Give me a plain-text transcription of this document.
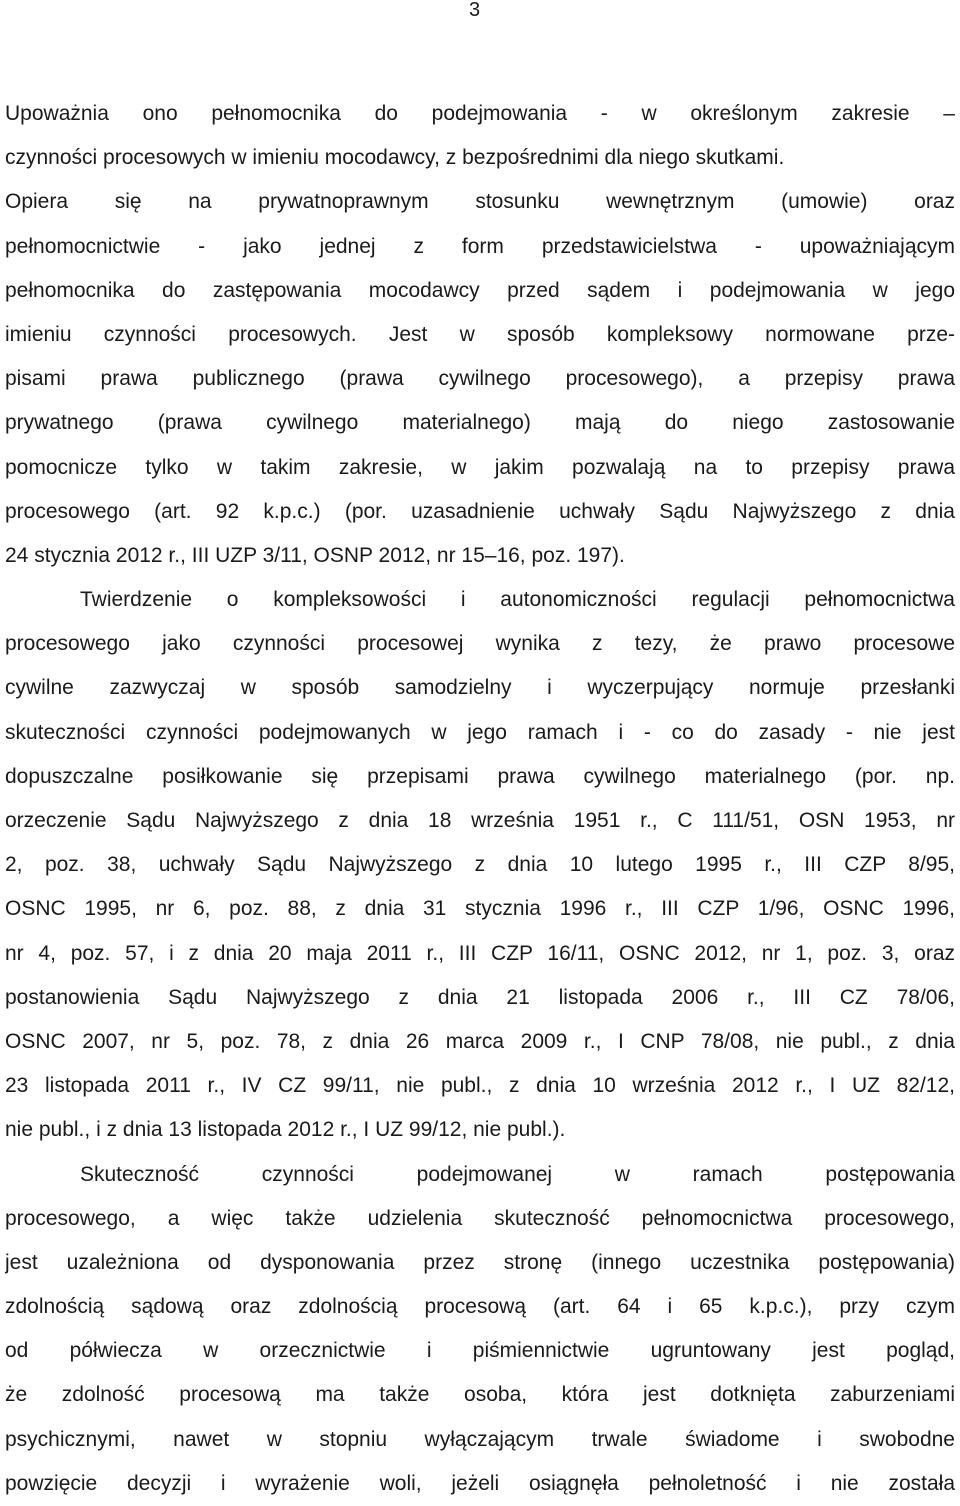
3

Upoważnia ono pełnomocnika do podejmowania - w określonym zakresie –
czynności procesowych w imieniu mocodawcy, z bezpośrednimi dla niego skutkami.
Opiera się na prywatnoprawnym stosunku wewnętrznym (umowie) oraz
pełnomocnictwie - jako jednej z form przedstawicielstwa - upoważniającym
pełnomocnika do zastępowania mocodawcy przed sądem i podejmowania w jego
imieniu czynności procesowych. Jest w sposób kompleksowy normowane prze-
pisami prawa publicznego (prawa cywilnego procesowego), a przepisy prawa
prywatnego (prawa cywilnego materialnego) mają do niego zastosowanie
pomocnicze tylko w takim zakresie, w jakim pozwalają na to przepisy prawa
procesowego (art. 92 k.p.c.) (por. uzasadnienie uchwały Sądu Najwyższego z dnia
24 stycznia 2012 r., III UZP 3/11, OSNP 2012, nr 15–16, poz. 197).
Twierdzenie o kompleksowości i autonomiczności regulacji pełnomocnictwa
procesowego jako czynności procesowej wynika z tezy, że prawo procesowe
cywilne zazwyczaj w sposób samodzielny i wyczerpujący normuje przesłanki
skuteczności czynności podejmowanych w jego ramach i - co do zasady - nie jest
dopuszczalne posiłkowanie się przepisami prawa cywilnego materialnego (por. np.
orzeczenie Sądu Najwyższego z dnia 18 września 1951 r., C 111/51, OSN 1953, nr
2, poz. 38, uchwały Sądu Najwyższego z dnia 10 lutego 1995 r., III CZP 8/95,
OSNC 1995, nr 6, poz. 88, z dnia 31 stycznia 1996 r., III CZP 1/96, OSNC 1996,
nr 4, poz. 57, i z dnia 20 maja 2011 r., III CZP 16/11, OSNC 2012, nr 1, poz. 3, oraz
postanowienia Sądu Najwyższego z dnia 21 listopada 2006 r., III CZ 78/06,
OSNC 2007, nr 5, poz. 78, z dnia 26 marca 2009 r., I CNP 78/08, nie publ., z dnia
23 listopada 2011 r., IV CZ 99/11, nie publ., z dnia 10 września 2012 r., I UZ 82/12,
nie publ., i z dnia 13 listopada 2012 r., I UZ 99/12, nie publ.).
Skuteczność czynności podejmowanej w ramach postępowania
procesowego, a więc także udzielenia skuteczność pełnomocnictwa procesowego,
jest uzależniona od dysponowania przez stronę (innego uczestnika postępowania)
zdolnością sądową oraz zdolnością procesową (art. 64 i 65 k.p.c.), przy czym
od półwiecza w orzecznictwie i piśmiennictwie ugruntowany jest pogląd,
że zdolność procesową ma także osoba, która jest dotknięta zaburzeniami
psychicznymi, nawet w stopniu wyłączającym trwale świadome i swobodne
powzięcie decyzji i wyrażenie woli, jeżeli osiągnęła pełnoletność i nie została
